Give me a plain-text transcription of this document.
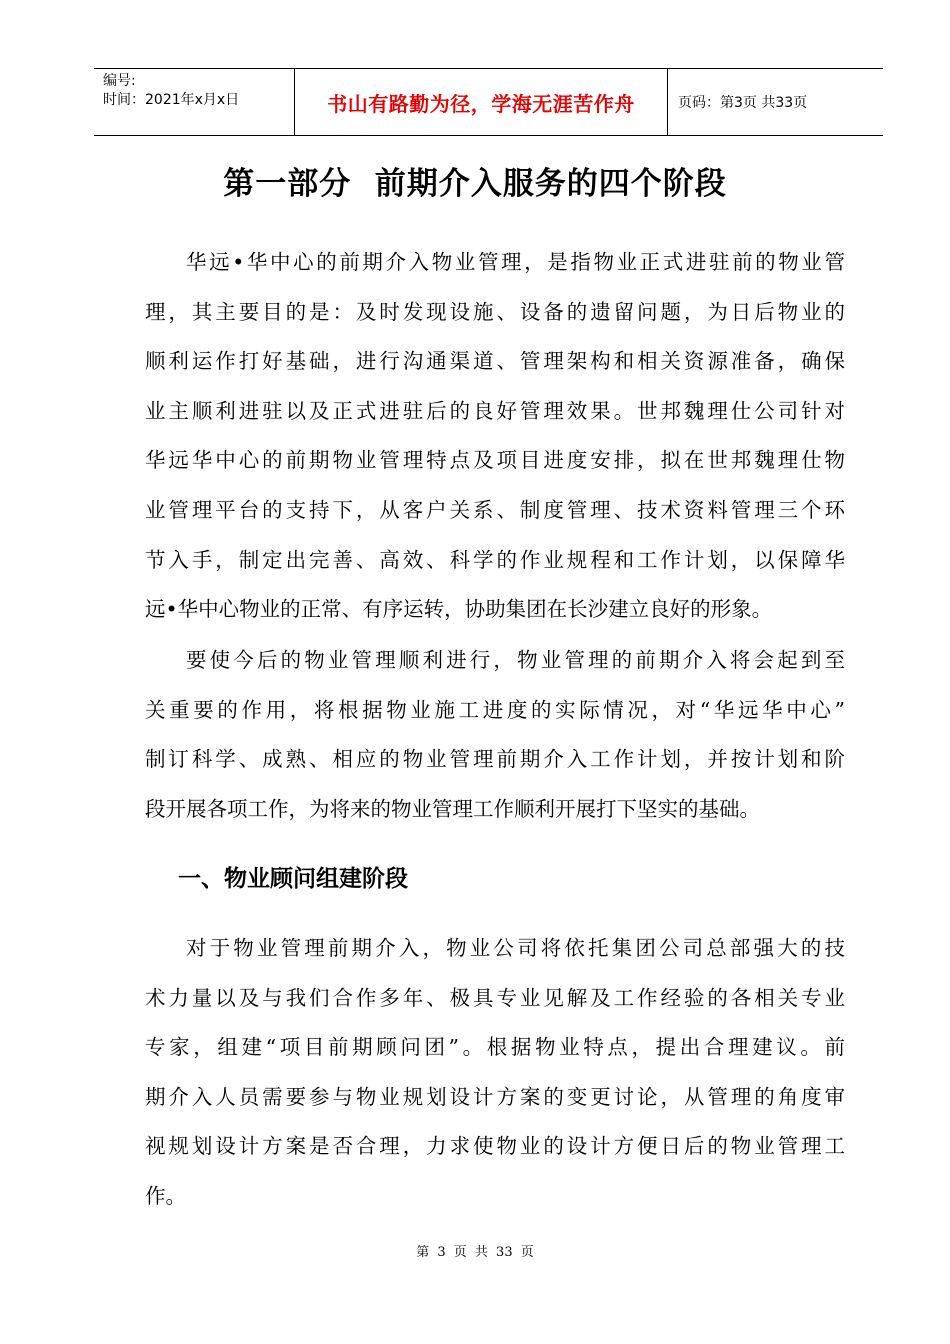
编号:
时间：2021年x月x日	书山有路勤为径，学海无涯苦作舟	页码：第3页 共33页
第一部分  前期介入服务的四个阶段
华远•华中心的前期介入物业管理，是指物业正式进驻前的物业管
理，其主要目的是：及时发现设施、设备的遗留问题，为日后物业的
顺利运作打好基础，进行沟通渠道、管理架构和相关资源准备，确保
业主顺利进驻以及正式进驻后的良好管理效果。世邦魏理仕公司针对
华远华中心的前期物业管理特点及项目进度安排，拟在世邦魏理仕物
业管理平台的支持下，从客户关系、制度管理、技术资料管理三个环
节入手，制定出完善、高效、科学的作业规程和工作计划，以保障华
远•华中心物业的正常、有序运转，协助集团在长沙建立良好的形象。
要使今后的物业管理顺利进行，物业管理的前期介入将会起到至
关重要的作用，将根据物业施工进度的实际情况，对“华远华中心”
制订科学、成熟、相应的物业管理前期介入工作计划，并按计划和阶
段开展各项工作，为将来的物业管理工作顺利开展打下坚实的基础。
一、物业顾问组建阶段
对于物业管理前期介入，物业公司将依托集团公司总部强大的技
术力量以及与我们合作多年、极具专业见解及工作经验的各相关专业
专家，组建“项目前期顾问团”。根据物业特点，提出合理建议。前
期介入人员需要参与物业规划设计方案的变更讨论，从管理的角度审
视规划设计方案是否合理，力求使物业的设计方便日后的物业管理工
作。
第 3 页 共 33 页
